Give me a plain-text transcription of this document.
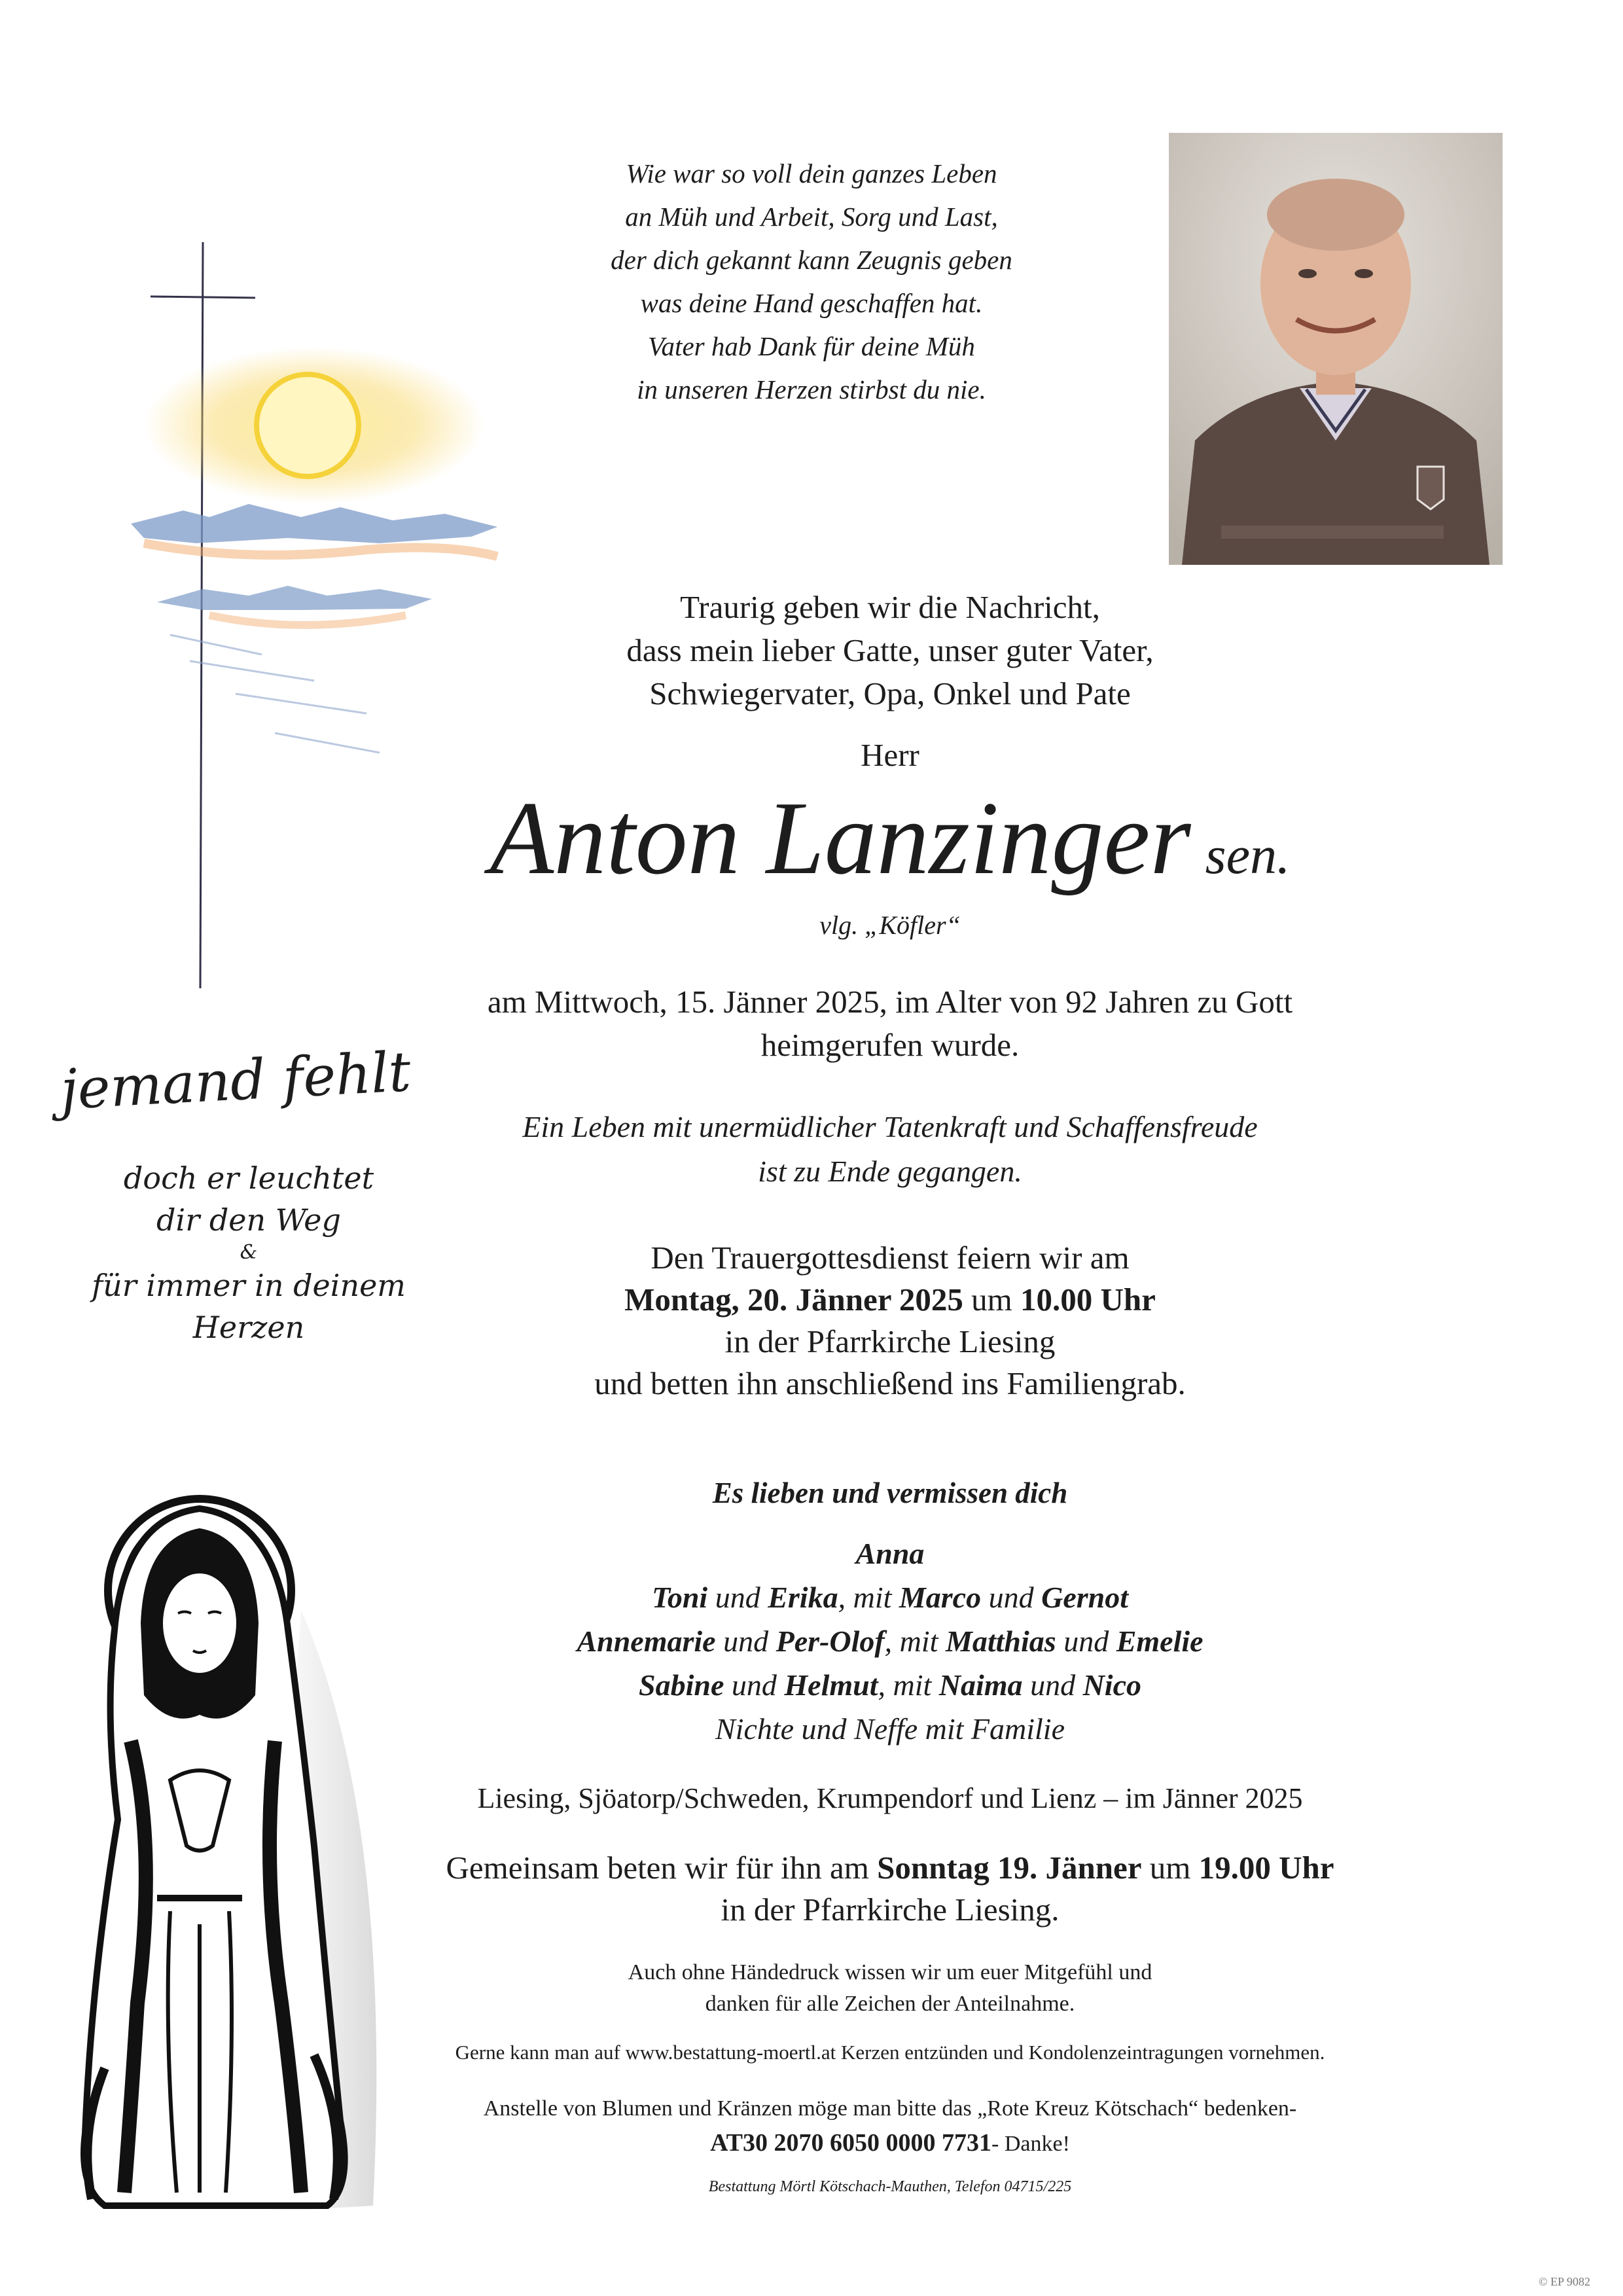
Wie war so voll dein ganzes Leben
an Müh und Arbeit, Sorg und Last,
der dich gekannt kann Zeugnis geben
was deine Hand geschaffen hat.
Vater hab Dank für deine Müh
in unseren Herzen stirbst du nie.
Traurig geben wir die Nachricht,
dass mein lieber Gatte, unser guter Vater,
Schwiegervater, Opa, Onkel und Pate
Herr
Anton Lanzinger sen.
vlg. „Köfler“
am Mittwoch, 15. Jänner 2025, im Alter von 92 Jahren zu Gott
heimgerufen wurde.
Ein Leben mit unermüdlicher Tatenkraft und Schaffensfreude
ist zu Ende gegangen.
Den Trauergottesdienst feiern wir am
Montag, 20. Jänner 2025 um 10.00 Uhr
in der Pfarrkirche Liesing
und betten ihn anschließend ins Familiengrab.
jemand fehlt
doch er leuchtet
dir den Weg
&
für immer in deinem
Herzen
Es lieben und vermissen dich
Anna
Toni und Erika, mit Marco und Gernot
Annemarie und Per-Olof, mit Matthias und Emelie
Sabine und Helmut, mit Naima und Nico
Nichte und Neffe mit Familie
Liesing, Sjöatorp/Schweden, Krumpendorf und Lienz – im Jänner 2025
Gemeinsam beten wir für ihn am Sonntag 19. Jänner um 19.00 Uhr
in der Pfarrkirche Liesing.
Auch ohne Händedruck wissen wir um euer Mitgefühl und
danken für alle Zeichen der Anteilnahme.
Gerne kann man auf www.bestattung-moertl.at Kerzen entzünden und Kondolenzeintragungen vornehmen.
Anstelle von Blumen und Kränzen möge man bitte das „Rote Kreuz Kötschach“ bedenken-
AT30 2070 6050 0000 7731- Danke!
Bestattung Mörtl Kötschach-Mauthen, Telefon 04715/225
© EP 9082
